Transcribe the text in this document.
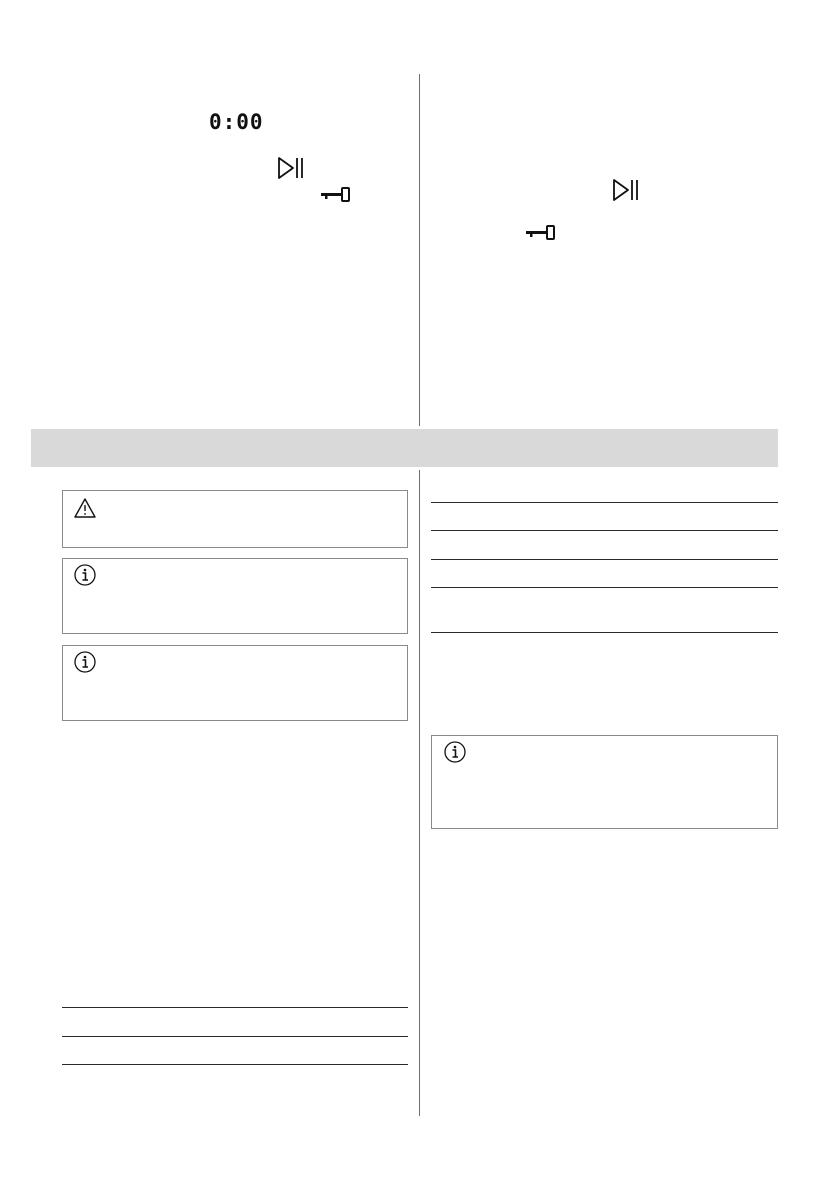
0:00
